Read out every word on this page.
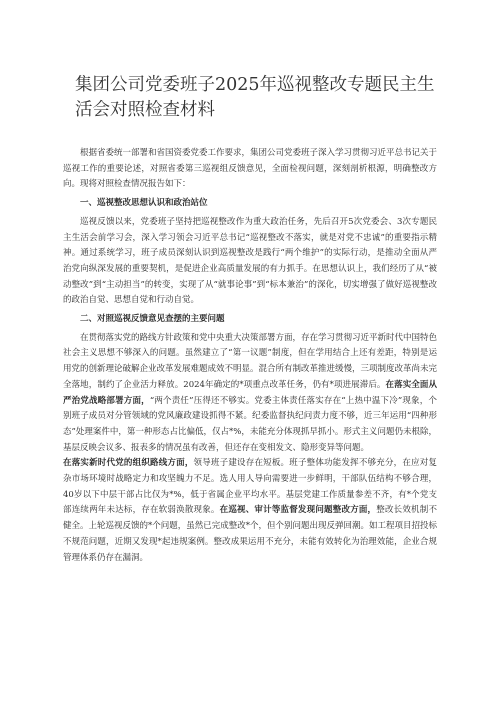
集团公司党委班子2025年巡视整改专题民主生活会对照检查材料

根据省委统一部署和省国资委党委工作要求，集团公司党委班子深入学习贯彻习近平总书记关于巡视工作的重要论述，对照省委第三巡视组反馈意见，全面检视问题，深刻剖析根源，明确整改方向。现将对照检查情况报告如下：

一、巡视整改思想认识和政治站位

巡视反馈以来，党委班子坚持把巡视整改作为重大政治任务，先后召开5次党委会、3次专题民主生活会前学习会，深入学习领会习近平总书记“巡视整改不落实，就是对党不忠诚”的重要指示精神。通过系统学习，班子成员深刻认识到巡视整改是践行“两个维护”的实际行动，是推动全面从严治党向纵深发展的重要契机，是促进企业高质量发展的有力抓手。在思想认识上，我们经历了从“被动整改”到“主动担当”的转变，实现了从“就事论事”到“标本兼治”的深化，切实增强了做好巡视整改的政治自觉、思想自觉和行动自觉。

二、对照巡视反馈意见查摆的主要问题

在贯彻落实党的路线方针政策和党中央重大决策部署方面，存在学习贯彻习近平新时代中国特色社会主义思想不够深入的问题。虽然建立了“第一议题”制度，但在学用结合上还有差距，特别是运用党的创新理论破解企业改革发展难题成效不明显。混合所有制改革推进缓慢，三项制度改革尚未完全落地，制约了企业活力释放。2024年确定的*项重点改革任务，仍有*项进展滞后。在落实全面从严治党战略部署方面，“两个责任”压得还不够实。党委主体责任落实存在“上热中温下冷”现象，个别班子成员对分管领域的党风廉政建设抓得不紧。纪委监督执纪问责力度不够，近三年运用“四种形态”处理案件中，第一种形态占比偏低，仅占*%，未能充分体现抓早抓小。形式主义问题仍未根除，基层反映会议多、报表多的情况虽有改善，但还存在变相发文、隐形变异等问题。

在落实新时代党的组织路线方面，领导班子建设存在短板。班子整体功能发挥不够充分，在应对复杂市场环境时战略定力和攻坚魄力不足。选人用人导向需要进一步鲜明，干部队伍结构不够合理，40岁以下中层干部占比仅为*%，低于省属企业平均水平。基层党建工作质量参差不齐，有*个党支部连续两年未达标，存在软弱涣散现象。在巡视、审计等监督发现问题整改方面，整改长效机制不健全。上轮巡视反馈的*个问题，虽然已完成整改*个，但个别问题出现反弹回潮。如工程项目招投标不规范问题，近期又发现*起违规案例。整改成果运用不充分，未能有效转化为治理效能，企业合规管理体系仍存在漏洞。
